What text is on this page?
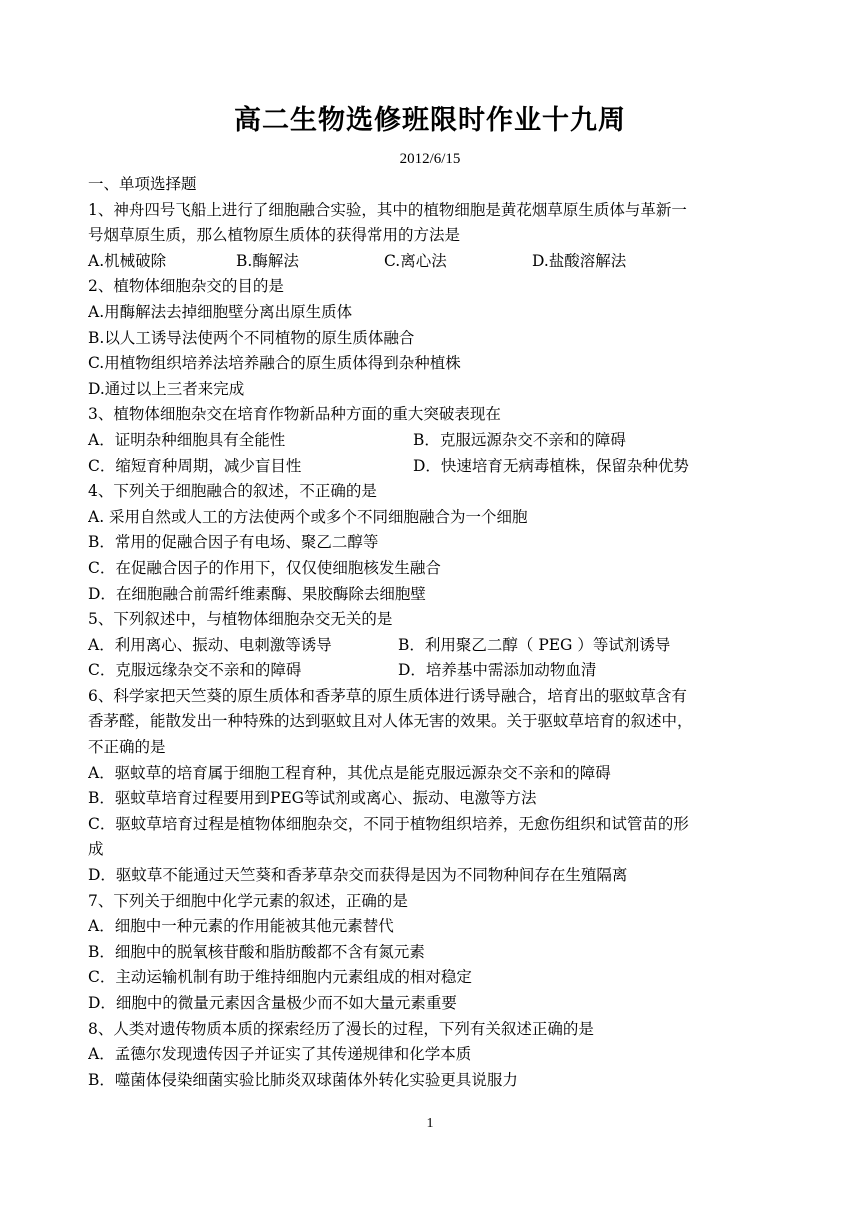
高二生物选修班限时作业十九周
2012/6/15
一、单项选择题
1、神舟四号飞船上进行了细胞融合实验，其中的植物细胞是黄花烟草原生质体与革新一
号烟草原生质，那么植物原生质体的获得常用的方法是
A.机械破除	B.酶解法	C.离心法	D.盐酸溶解法
2、植物体细胞杂交的目的是
A.用酶解法去掉细胞壁分离出原生质体
B.以人工诱导法使两个不同植物的原生质体融合
C.用植物组织培养法培养融合的原生质体得到杂种植株
D.通过以上三者来完成
3、植物体细胞杂交在培育作物新品种方面的重大突破表现在
A．证明杂种细胞具有全能性	B．克服远源杂交不亲和的障碍
C．缩短育种周期，减少盲目性	D．快速培育无病毒植株，保留杂种优势
4、下列关于细胞融合的叙述，不正确的是
A. 采用自然或人工的方法使两个或多个不同细胞融合为一个细胞
B．常用的促融合因子有电场、聚乙二醇等
C．在促融合因子的作用下，仅仅使细胞核发生融合
D．在细胞融合前需纤维素酶、果胶酶除去细胞壁
5、下列叙述中，与植物体细胞杂交无关的是
A．利用离心、振动、电刺激等诱导	B．利用聚乙二醇（ PEG ）等试剂诱导
C．克服远缘杂交不亲和的障碍	D．培养基中需添加动物血清
6、科学家把天竺葵的原生质体和香茅草的原生质体进行诱导融合，培育出的驱蚊草含有
香茅醛，能散发出一种特殊的达到驱蚊且对人体无害的效果。关于驱蚊草培育的叙述中，
不正确的是
A．驱蚊草的培育属于细胞工程育种，其优点是能克服远源杂交不亲和的障碍
B．驱蚊草培育过程要用到PEG等试剂或离心、振动、电激等方法
C．驱蚊草培育过程是植物体细胞杂交，不同于植物组织培养，无愈伤组织和试管苗的形
成
D．驱蚊草不能通过天竺葵和香茅草杂交而获得是因为不同物种间存在生殖隔离
7、下列关于细胞中化学元素的叙述，正确的是
A．细胞中一种元素的作用能被其他元素替代
B．细胞中的脱氧核苷酸和脂肪酸都不含有氮元素
C．主动运输机制有助于维持细胞内元素组成的相对稳定
D．细胞中的微量元素因含量极少而不如大量元素重要
8、人类对遗传物质本质的探索经历了漫长的过程，下列有关叙述正确的是
A．孟德尔发现遗传因子并证实了其传递规律和化学本质
B．噬菌体侵染细菌实验比肺炎双球菌体外转化实验更具说服力
1
